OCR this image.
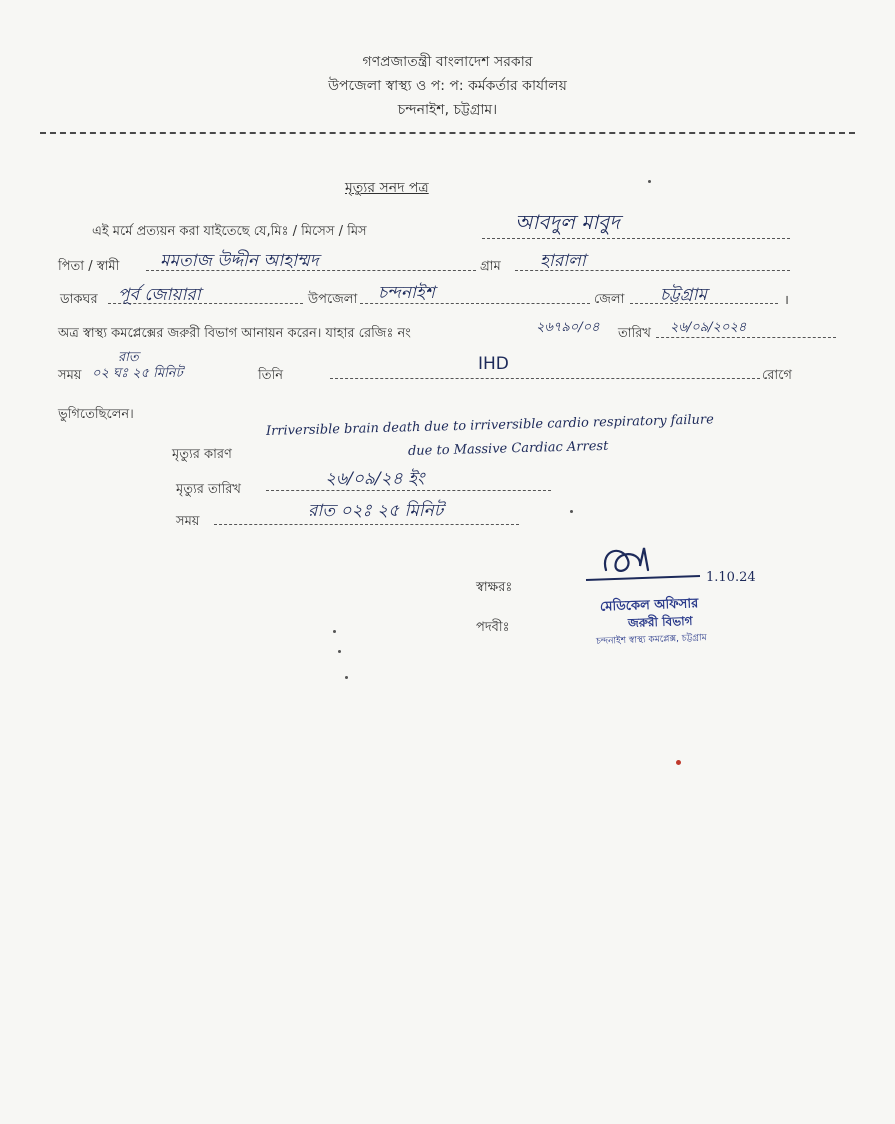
গণপ্রজাতন্ত্রী বাংলাদেশ সরকার
উপজেলা স্বাস্থ্য ও প: প: কর্মকর্তার কার্যালয়
চন্দনাইশ, চট্টগ্রাম।
মৃত্যুর সনদ পত্র
এই মর্মে প্রত্যয়ন করা যাইতেছে যে,মিঃ / মিসেস / মিস	আবদুল মাবুদ
পিতা / স্বামী মমতাজ উদ্দীন আহাম্মদ	গ্রাম হারালা
ডাকঘর পূর্ব জোয়ারা	উপজেলা চন্দনাইশ	জেলা চট্টগ্রাম	।
অত্র স্বাস্থ্য কমপ্লেক্সের জরুরী বিভাগ আনায়ন করেন। যাহার রেজিঃ নং	২৬৭৯০/০৪ তারিখ ২৬/০৯/২০২৪
সময়
রাত
০২ ঘঃ ২৫ মিনিট	তিনি
IHD
রোগে
ভুগিতেছিলেন।
মৃত্যুর কারণ
Irriversible brain death due to irriversible cardio respiratory failure
due to Massive Cardiac Arrest
মৃত্যুর তারিখ
২৬/০৯/২৪ ইং
সময়
রাত ০২ঃ ২৫ মিনিট
স্বাক্ষরঃ
1.10.24
পদবীঃ
মেডিকেল অফিসার
জরুরী বিভাগ
চন্দনাইশ স্বাস্থ্য কমপ্লেক্স, চট্টগ্রাম
